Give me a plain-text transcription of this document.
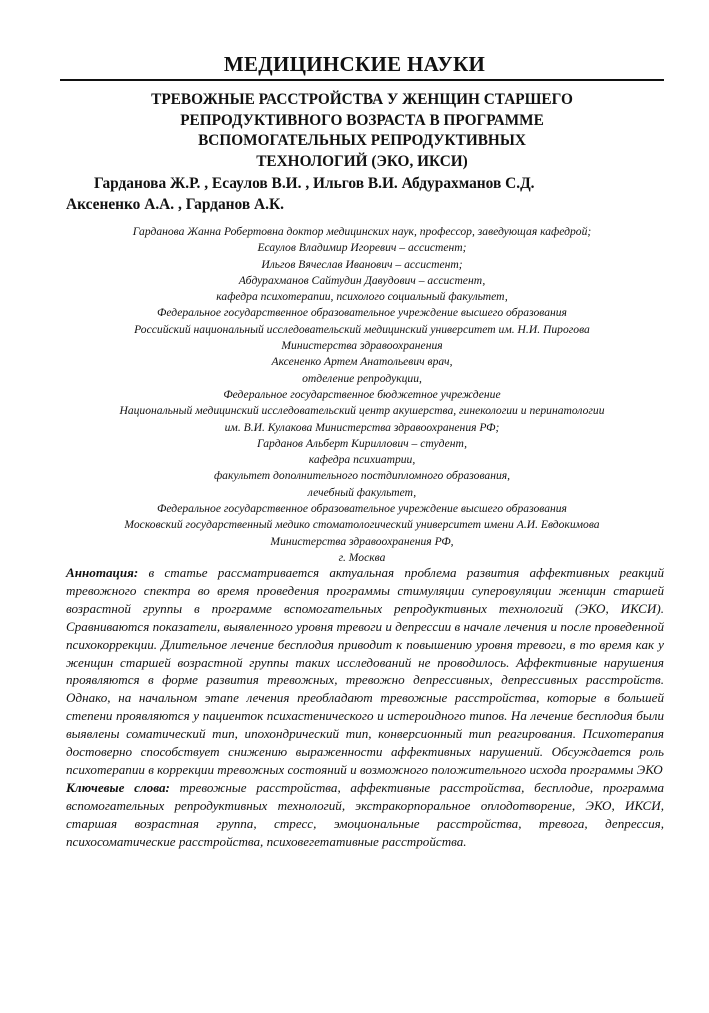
МЕДИЦИНСКИЕ НАУКИ
ТРЕВОЖНЫЕ РАССТРОЙСТВА У ЖЕНЩИН СТАРШЕГО
РЕПРОДУКТИВНОГО ВОЗРАСТА В ПРОГРАММЕ
ВСПОМОГАТЕЛЬНЫХ РЕПРОДУКТИВНЫХ
ТЕХНОЛОГИЙ (ЭКО, ИКСИ)
Гарданова Ж.Р. , Есаулов В.И. , Ильгов В.И. Абдурахманов С.Д.
Аксененко А.А. , Гарданов А.К.
Гарданова Жанна Робертовна доктор медицинских наук, профессор, заведующая кафедрой;
Есаулов Владимир Игоревич – ассистент;
Ильгов Вячеслав Иванович – ассистент;
Абдурахманов Сайтудин Давудович – ассистент,
кафедра психотерапии, психолого социальный факультет,
Федеральное государственное образовательное учреждение высшего образования
Российский национальный исследовательский медицинский университет им. Н.И. Пирогова
Министерства здравоохранения
Аксененко Артем Анатольевич врач,
отделение репродукции,
Федеральное государственное бюджетное учреждение
Национальный медицинский исследовательский центр акушерства, гинекологии и перинатологии
им. В.И. Кулакова Министерства здравоохранения РФ;
Гарданов Альберт Кириллович – студент,
кафедра психиатрии,
факультет дополнительного постдипломного образования,
лечебный факультет,
Федеральное государственное образовательное учреждение высшего образования
Московский государственный медико стоматологический университет имени А.И. Евдокимова
Министерства здравоохранения РФ,
г. Москва

Аннотация: в статье рассматривается актуальная проблема развития аффективных реакций тревожного спектра во время проведения программы стимуляции суперовуляции женщин старшей возрастной группы в программе вспомогательных репродуктивных технологий (ЭКО, ИКСИ). Сравниваются показатели, выявленного уровня тревоги и депрессии в начале лечения и после проведенной психокоррекции. Длительное лечение бесплодия приводит к повышению уровня тревоги, в то время как у женщин старшей возрастной группы таких исследований не проводилось. Аффективные нарушения проявляются в форме развития тревожных, тревожно депрессивных, депрессивных расстройств. Однако, на начальном этапе лечения преобладают тревожные расстройства, которые в большей степени проявляются у пациенток психастенического и истероидного типов. На лечение бесплодия были выявлены соматический тип, ипохондрический тип, конверсионный тип реагирования. Психотерапия достоверно способствует снижению выраженности аффективных нарушений. Обсуждается роль психотерапии в коррекции тревожных состояний и возможного положительного исхода программы ЭКО

Ключевые слова: тревожные расстройства, аффективные расстройства, бесплодие, программа вспомогательных репродуктивных технологий, экстракорпоральное оплодотворение, ЭКО, ИКСИ, старшая возрастная группа, стресс, эмоциональные расстройства, тревога, депрессия, психосоматические расстройства, психовегетативные расстройства.
